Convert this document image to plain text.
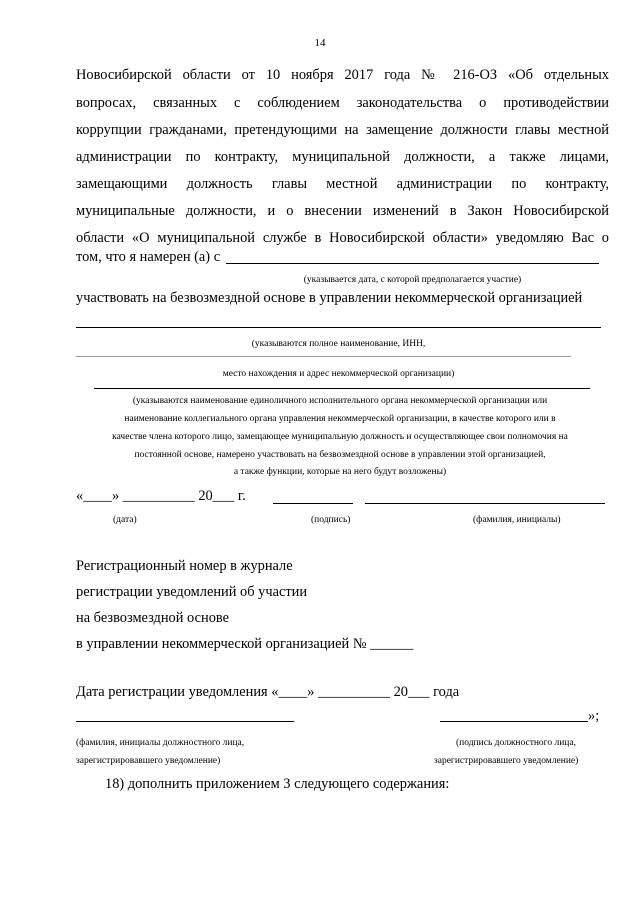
14
Новосибирской области от 10 ноября 2017 года № 216-ОЗ «Об отдельных
вопросах, связанных с соблюдением законодательства о противодействии
коррупции гражданами, претендующими на замещение должности главы местной
администрации по контракту, муниципальной должности, а также лицами,
замещающими должность главы местной администрации по контракту,
муниципальные должности, и о внесении изменений в Закон Новосибирской
области «О муниципальной службе в Новосибирской области» уведомляю Вас о
том, что я намерен (а) с
(указывается дата, с которой предполагается участие)
участвовать на безвозмездной основе в управлении некоммерческой организацией
(указываются полное наименование, ИНН,
место нахождения и адрес некоммерческой организации)
(указываются наименование единоличного исполнительного органа некоммерческой организации или
наименование коллегиального органа управления некоммерческой организации, в качестве которого или в
качестве члена которого лицо, замещающее муниципальную должность и осуществляющее свои полномочия на
постоянной основе, намерено участвовать на безвозмездной основе в управлении этой организацией,
а также функции, которые на него будут возложены)
«____» __________ 20___ г.
(дата)	(подпись)	(фамилия, инициалы)
Регистрационный номер в журнале
регистрации уведомлений об участии
на безвозмездной основе
в управлении некоммерческой организацией № ______
Дата регистрации уведомления «____» __________ 20___ года
»;
(фамилия, инициалы должностного лица,
зарегистрировавшего уведомление)
(подпись должностного лица,
зарегистрировавшего уведомление)
18) дополнить приложением 3 следующего содержания:
